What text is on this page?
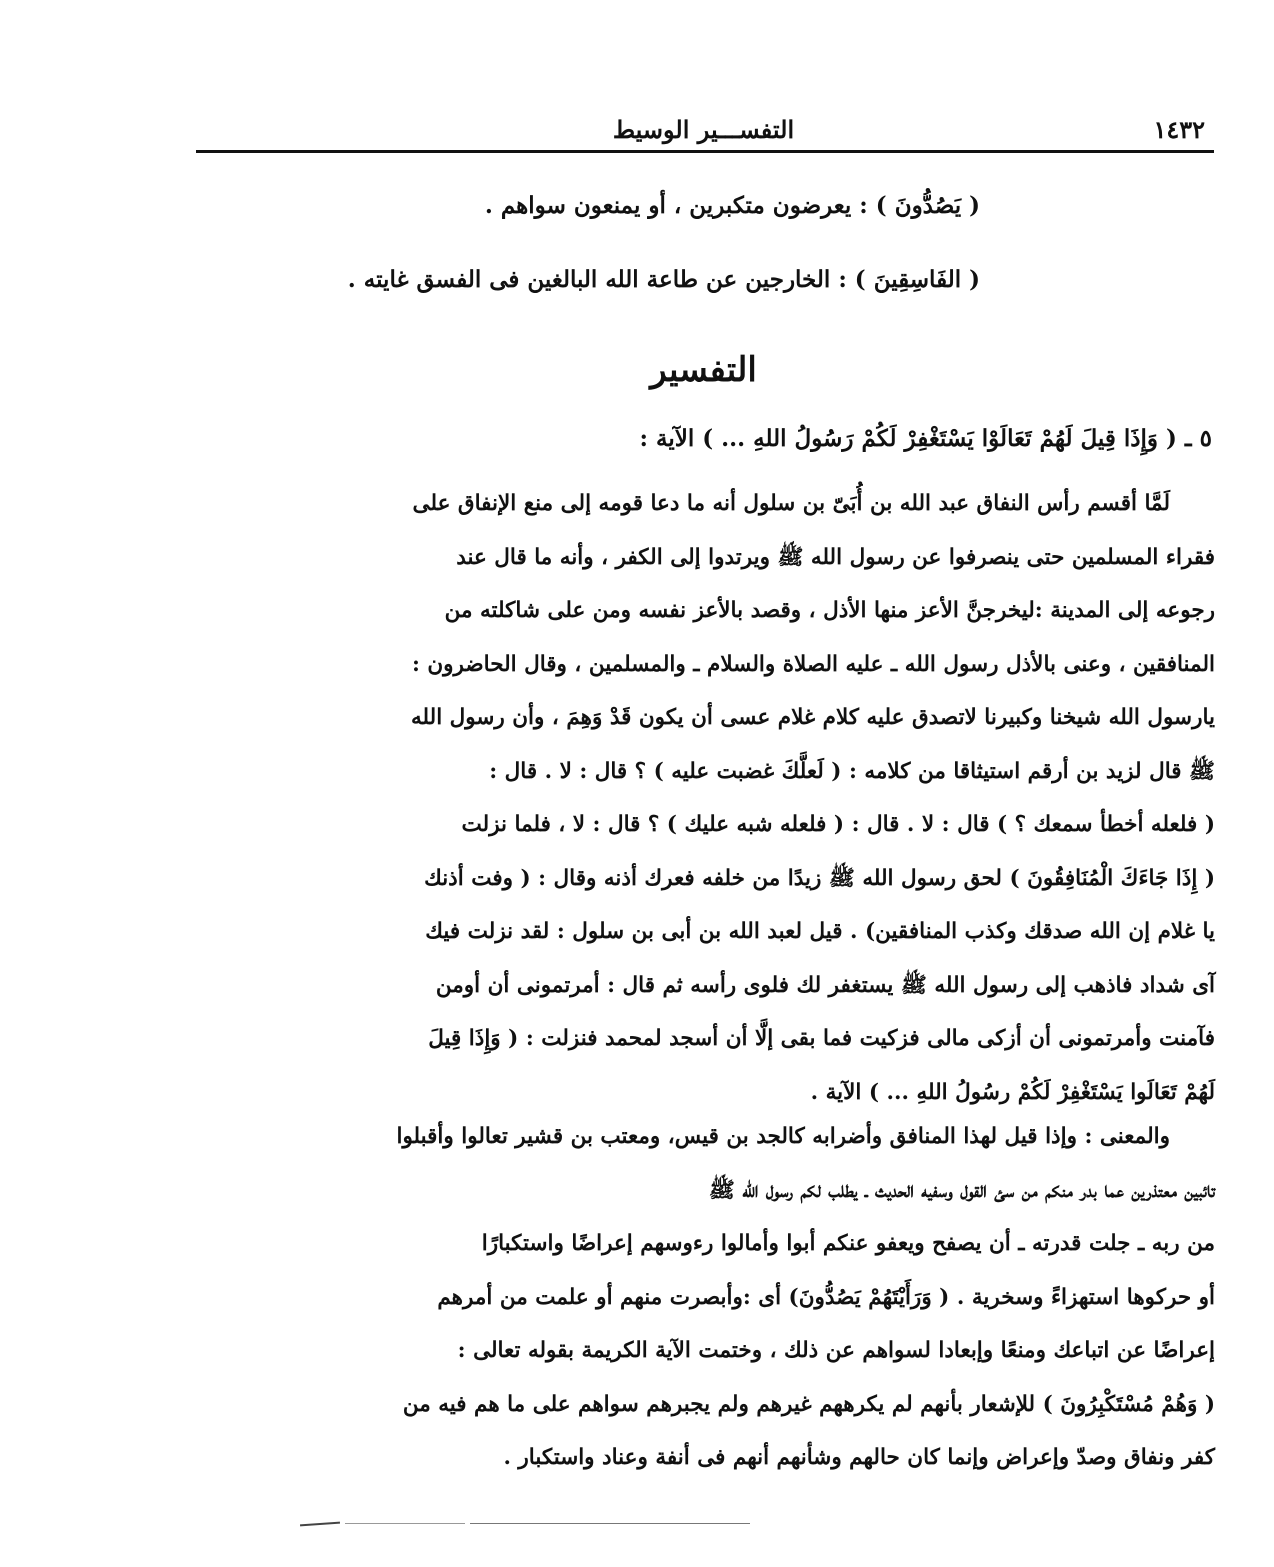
التفســـير الوسيط	١٤٣٢
( يَصُدُّونَ ) : يعرضون متكبرين ، أو يمنعون سواهم .
( الفَاسِقِينَ ) : الخارجين عن طاعة الله البالغين فى الفسق غايته .
التفسير
٥ ـ ( وَإِذَا قِيلَ لَهُمْ تَعَالَوْا يَسْتَغْفِرْ لَكُمْ رَسُولُ اللهِ ... ) الآية :
لَمَّا أقسم رأس النفاق عبد الله بن أُبَىّ بن سلول أنه ما دعا قومه إلى منع الإنفاق على
فقراء المسلمين حتى ينصرفوا عن رسول الله ﷺ ويرتدوا إلى الكفر ، وأنه ما قال عند
رجوعه إلى المدينة :ليخرجنَّ الأعز منها الأذل ، وقصد بالأعز نفسه ومن على شاكلته من
المنافقين ، وعنى بالأذل رسول الله ـ عليه الصلاة والسلام ـ والمسلمين ، وقال الحاضرون :
يارسول الله شيخنا وكبيرنا لاتصدق عليه كلام غلام عسى أن يكون قَدْ وَهِمَ ، وأن رسول الله
ﷺ قال لزيد بن أرقم استيثاقا من كلامه : ( لَعلَّكَ غضبت عليه ) ؟ قال : لا . قال :
( فلعله أخطأ سمعك ؟ ) قال : لا . قال : ( فلعله شبه عليك ) ؟ قال : لا ، فلما نزلت
( إِذَا جَاءَكَ الْمُنَافِقُونَ ) لحق رسول الله ﷺ زيدًا من خلفه فعرك أذنه وقال : ( وفت أذنك
يا غلام إن الله صدقك وكذب المنافقين) . قيل لعبد الله بن أبى بن سلول : لقد نزلت فيك
آى شداد فاذهب إلى رسول الله ﷺ يستغفر لك فلوى رأسه ثم قال : أمرتمونى أن أومن
فآمنت وأمرتمونى أن أزكى مالى فزكيت فما بقى إلَّا أن أسجد لمحمد فنزلت : ( وَإِذَا قِيلَ
لَهُمْ تَعَالَوا يَسْتَغْفِرْ لَكُمْ رسُولُ اللهِ ... ) الآية .
والمعنى : وإذا قيل لهذا المنافق وأضرابه كالجد بن قيس، ومعتب بن قشير تعالوا وأقبلوا
تائبين معتذرين عما بدر منكم من سئ القول وسفيه الحديث ـ يطلب لكم رسول الله ﷺ
من ربه ـ جلت قدرته ـ أن يصفح ويعفو عنكم أبوا وأمالوا رءوسهم إعراضًا واستكبارًا
أو حركوها استهزاءً وسخرية . ( وَرَأَيْتَهُمْ يَصُدُّونَ) أى :وأبصرت منهم أو علمت من أمرهم
إعراضًا عن اتباعك ومنعًا وإبعادا لسواهم عن ذلك ، وختمت الآية الكريمة بقوله تعالى :
( وَهُمْ مُسْتَكْبِرُونَ ) للإشعار بأنهم لم يكرههم غيرهم ولم يجبرهم سواهم على ما هم فيه من
كفر ونفاق وصدّ وإعراض وإنما كان حالهم وشأنهم أنهم فى أنفة وعناد واستكبار .
